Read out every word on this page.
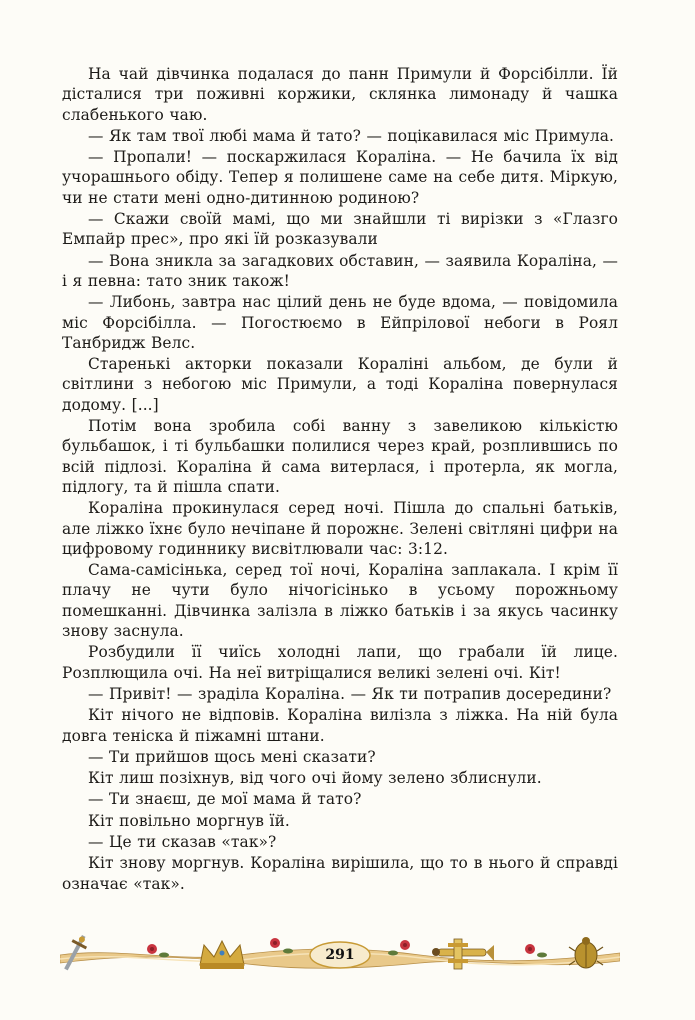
На чай дівчинка подалася до панн Примули й Форсібілли. Їй дісталися три поживні коржики, склянка лимонаду й чашка слабенького чаю.

— Як там твої любі мама й тато? — поцікавилася міс Примула.

— Пропали! — поскаржилася Кораліна. — Не бачила їх від учорашнього обіду. Тепер я полишене саме на себе дитя. Міркую, чи не стати мені одно-дитинною родиною?

— Скажи своїй мамі, що ми знайшли ті вирізки з «Глазго Емпайр прес», про які їй розказували

— Вона зникла за загадкових обставин, — заявила Кораліна, — і я певна: тато зник також!

— Либонь, завтра нас цілий день не буде вдома, — повідомила міс Форсібілла. — Погостюємо в Ейпрілової небоги в Роял Танбридж Велс.

Старенькі акторки показали Кораліні альбом, де були й світлини з небогою міс Примули, а тоді Кораліна повернулася додому. [...]

Потім вона зробила собі ванну з завеликою кількістю бульбашок, і ті бульбашки полилися через край, розплившись по всій підлозі. Кораліна й сама витерлася, і протерла, як могла, підлогу, та й пішла спати.

Кораліна прокинулася серед ночі. Пішла до спальні батьків, але ліжко їхнє було нечіпане й порожнє. Зелені світляні цифри на цифровому годиннику висвітлювали час: 3:12.

Сама-самісінька, серед тої ночі, Кораліна заплакала. І крім її плачу не чути було нічогісінько в усьому порожньому помешканні. Дівчинка залізла в ліжко батьків і за якусь часинку знову заснула.

Розбудили її чиїсь холодні лапи, що грабали їй лице. Розплющила очі. На неї витріщалися великі зелені очі. Кіт!

— Привіт! — зраділа Кораліна. — Як ти потрапив досередини?

Кіт нічого не відповів. Кораліна вилізла з ліжка. На ній була довга теніска й піжамні штани.

— Ти прийшов щось мені сказати?

Кіт лиш позіхнув, від чого очі йому зелено зблиснули.

— Ти знаєш, де мої мама й тато?

Кіт повільно моргнув їй.

— Це ти сказав «так»?

Кіт знову моргнув. Кораліна вирішила, що то в нього й справді означає «так».

291
